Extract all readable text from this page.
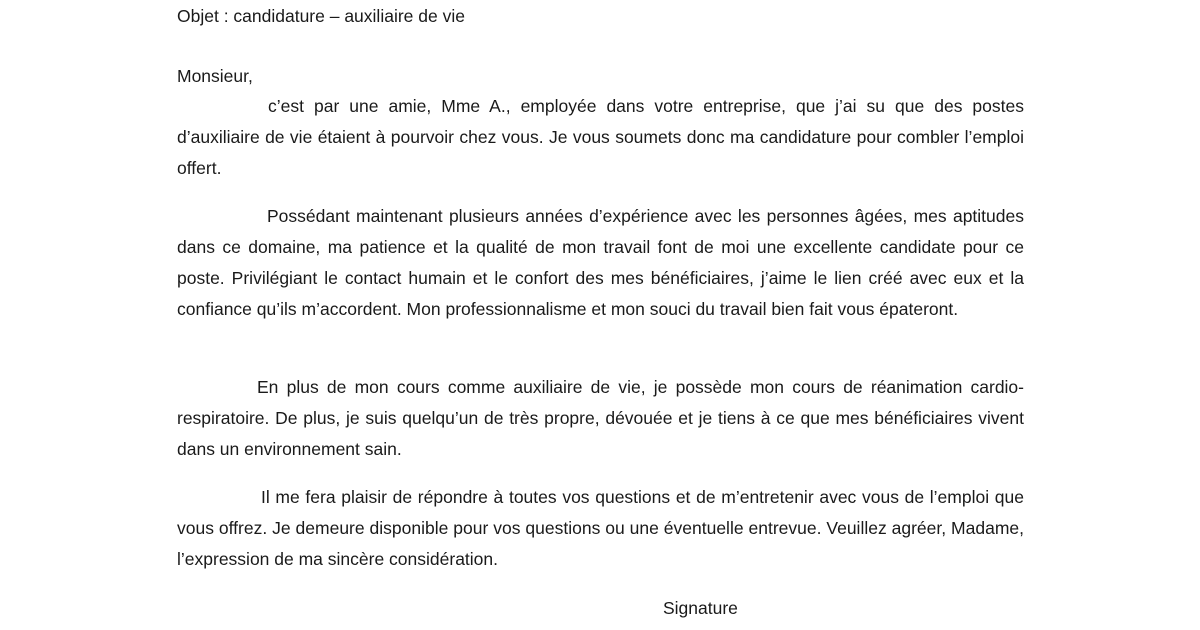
Objet : candidature – auxiliaire de vie
Monsieur,

c’est par une amie, Mme A., employée dans votre entreprise, que j’ai su que des postes d’auxiliaire de vie étaient à pourvoir chez vous. Je vous soumets donc ma candidature pour combler l’emploi offert.

Possédant maintenant plusieurs années d’expérience avec les personnes âgées, mes aptitudes dans ce domaine, ma patience et la qualité de mon travail font de moi une excellente candidate pour ce poste. Privilégiant le contact humain et le confort des mes bénéficiaires, j’aime le lien créé avec eux et la confiance qu’ils m’accordent. Mon professionnalisme et mon souci du travail bien fait vous épateront.

En plus de mon cours comme auxiliaire de vie, je possède mon cours de réanimation cardio-respiratoire. De plus, je suis quelqu’un de très propre, dévouée et je tiens à ce que mes bénéficiaires vivent dans un environnement sain.

Il me fera plaisir de répondre à toutes vos questions et de m’entretenir avec vous de l’emploi que vous offrez. Je demeure disponible pour vos questions ou une éventuelle entrevue. Veuillez agréer, Madame, l’expression de ma sincère considération.

Signature
